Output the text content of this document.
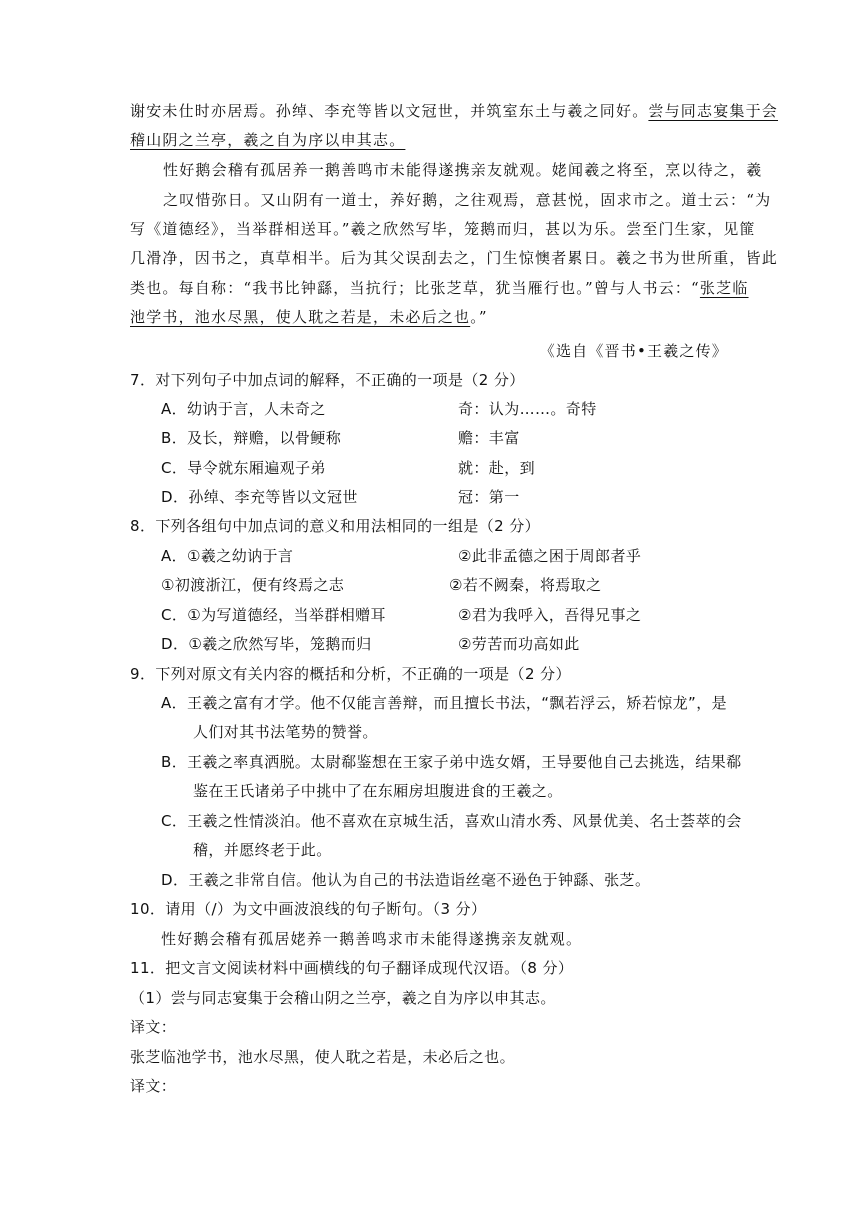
谢安未仕时亦居焉。孙绰、李充等皆以文冠世，并筑室东土与羲之同好。尝与同志宴集于会
稽山阴之兰亭，羲之自为序以申其志。
性好鹅会稽有孤居养一鹅善鸣市未能得遂携亲友就观。姥闻羲之将至，烹以待之，羲
之叹惜弥日。又山阴有一道士，养好鹅，之往观焉，意甚悦，固求市之。道士云：“为
写《道德经》，当举群相送耳。”羲之欣然写毕，笼鹅而归，甚以为乐。尝至门生家，见篚
几滑净，因书之，真草相半。后为其父误刮去之，门生惊懊者累日。羲之书为世所重，皆此
类也。每自称：“我书比钟繇，当抗行；比张芝草，犹当雁行也。”曾与人书云：“张芝临
池学书，池水尽黑，使人耽之若是，未必后之也。”
《选自《晋书•王羲之传》
7．对下列句子中加点词的解释，不正确的一项是（2 分）
A．幼讷于言，人未奇之	奇：认为……。奇特
B．及长，辩赡，以骨鲠称	赡：丰富
C．导令就东厢遍观子弟	就：赴，到
D．孙绰、李充等皆以文冠世	冠：第一
8．下列各组句中加点词的意义和用法相同的一组是（2 分）
A．①羲之幼讷于言	②此非孟德之困于周郎者乎
①初渡浙江，便有终焉之志	②若不阙秦，将焉取之
C．①为写道德经，当举群相赠耳	②君为我呼入，吾得兄事之
D．①羲之欣然写毕，笼鹅而归	②劳苦而功高如此
9．下列对原文有关内容的概括和分析，不正确的一项是（2 分）
A．王羲之富有才学。他不仅能言善辩，而且擅长书法，“飘若浮云，矫若惊龙”，是
人们对其书法笔势的赞誉。
B．王羲之率真洒脱。太尉郗鉴想在王家子弟中选女婿，王导要他自己去挑选，结果郗
鉴在王氏诸弟子中挑中了在东厢房坦腹进食的王羲之。
C．王羲之性情淡泊。他不喜欢在京城生活，喜欢山清水秀、风景优美、名士荟萃的会
稽，并愿终老于此。
D．王羲之非常自信。他认为自己的书法造诣丝毫不逊色于钟繇、张芝。
10．请用（/）为文中画波浪线的句子断句。（3 分）
性好鹅会稽有孤居姥养一鹅善鸣求市未能得遂携亲友就观。
11．把文言文阅读材料中画横线的句子翻译成现代汉语。（8 分）
（1）尝与同志宴集于会稽山阴之兰亭，羲之自为序以申其志。
译文：
张芝临池学书，池水尽黑，使人耽之若是，未必后之也。
译文：
